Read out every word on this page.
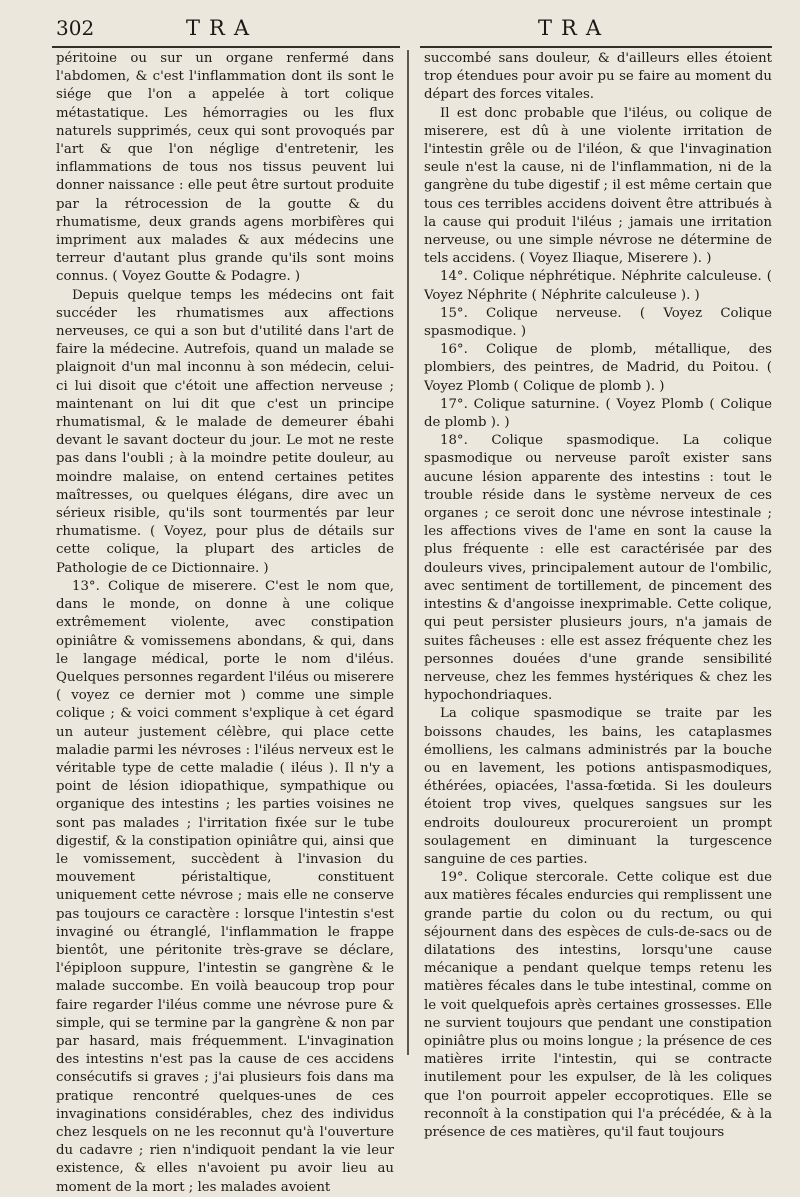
302	TRA	TRA

péritoine ou sur un organe renfermé dans l'abdomen, & c'est l'inflammation dont ils sont le siége que l'on a appelée à tort colique métastatique. Les hémorragies ou les flux naturels supprimés, ceux qui sont provoqués par l'art & que l'on néglige d'entretenir, les inflammations de tous nos tissus peuvent lui donner naissance : elle peut être surtout produite par la rétrocession de la goutte & du rhumatisme, deux grands agens morbifères qui impriment aux malades & aux médecins une terreur d'autant plus grande qu'ils sont moins connus. ( Voyez Goutte & Podagre. )

Depuis quelque temps les médecins ont fait succéder les rhumatismes aux affections nerveuses, ce qui a son but d'utilité dans l'art de faire la médecine. Autrefois, quand un malade se plaignoit d'un mal inconnu à son médecin, celui-ci lui disoit que c'étoit une affection nerveuse ; maintenant on lui dit que c'est un principe rhumatismal, & le malade de demeurer ébahi devant le savant docteur du jour. Le mot ne reste pas dans l'oubli ; à la moindre petite douleur, au moindre malaise, on entend certaines petites maîtresses, ou quelques élégans, dire avec un sérieux risible, qu'ils sont tourmentés par leur rhumatisme. ( Voyez, pour plus de détails sur cette colique, la plupart des articles de Pathologie de ce Dictionnaire. )

13°. Colique de miserere. C'est le nom que, dans le monde, on donne à une colique extrêmement violente, avec constipation opiniâtre & vomissemens abondans, & qui, dans le langage médical, porte le nom d'iléus. Quelques personnes regardent l'iléus ou miserere ( voyez ce dernier mot ) comme une simple colique ; & voici comment s'explique à cet égard un auteur justement célèbre, qui place cette maladie parmi les névroses : l'iléus nerveux est le véritable type de cette maladie ( iléus ). Il n'y a point de lésion idiopathique, sympathique ou organique des intestins ; les parties voisines ne sont pas malades ; l'irritation fixée sur le tube digestif, & la constipation opiniâtre qui, ainsi que le vomissement, succèdent à l'invasion du mouvement péristaltique, constituent uniquement cette névrose ; mais elle ne conserve pas toujours ce caractère : lorsque l'intestin s'est invaginé ou étranglé, l'inflammation le frappe bientôt, une péritonite très-grave se déclare, l'épiploon suppure, l'intestin se gangrène & le malade succombe. En voilà beaucoup trop pour faire regarder l'iléus comme une névrose pure & simple, qui se termine par la gangrène & non par par hasard, mais fréquemment. L'invagination des intestins n'est pas la cause de ces accidens consécutifs si graves ; j'ai plusieurs fois dans ma pratique rencontré quelques-unes de ces invaginations considérables, chez des individus chez lesquels on ne les reconnut qu'à l'ouverture du cadavre ; rien n'indiquoit pendant la vie leur existence, & elles n'avoient pu avoir lieu au moment de la mort ; les malades avoient

succombé sans douleur, & d'ailleurs elles étoient trop étendues pour avoir pu se faire au moment du départ des forces vitales.

Il est donc probable que l'iléus, ou colique de miserere, est dû à une violente irritation de l'intestin grêle ou de l'iléon, & que l'invagination seule n'est la cause, ni de l'inflammation, ni de la gangrène du tube digestif ; il est même certain que tous ces terribles accidens doivent être attribués à la cause qui produit l'iléus ; jamais une irritation nerveuse, ou une simple névrose ne détermine de tels accidens. ( Voyez Iliaque, Miserere ). )

14°. Colique néphrétique. Néphrite calculeuse. ( Voyez Néphrite ( Néphrite calculeuse ). )

15°. Colique nerveuse. ( Voyez Colique spasmodique. )

16°. Colique de plomb, métallique, des plombiers, des peintres, de Madrid, du Poitou. ( Voyez Plomb ( Colique de plomb ). )

17°. Colique saturnine. ( Voyez Plomb ( Colique de plomb ). )

18°. Colique spasmodique. La colique spasmodique ou nerveuse paroît exister sans aucune lésion apparente des intestins : tout le trouble réside dans le système nerveux de ces organes ; ce seroit donc une névrose intestinale ; les affections vives de l'ame en sont la cause la plus fréquente : elle est caractérisée par des douleurs vives, principalement autour de l'ombilic, avec sentiment de tortillement, de pincement des intestins & d'angoisse inexprimable. Cette colique, qui peut persister plusieurs jours, n'a jamais de suites fâcheuses : elle est assez fréquente chez les personnes douées d'une grande sensibilité nerveuse, chez les femmes hystériques & chez les hypochondriaques.

La colique spasmodique se traite par les boissons chaudes, les bains, les cataplasmes émolliens, les calmans administrés par la bouche ou en lavement, les potions antispasmodiques, éthérées, opiacées, l'assa-fœtida. Si les douleurs étoient trop vives, quelques sangsues sur les endroits douloureux procureroient un prompt soulagement en diminuant la turgescence sanguine de ces parties.

19°. Colique stercorale. Cette colique est due aux matières fécales endurcies qui remplissent une grande partie du colon ou du rectum, ou qui séjournent dans des espèces de culs-de-sacs ou de dilatations des intestins, lorsqu'une cause mécanique a pendant quelque temps retenu les matières fécales dans le tube intestinal, comme on le voit quelquefois après certaines grossesses. Elle ne survient toujours que pendant une constipation opiniâtre plus ou moins longue ; la présence de ces matières irrite l'intestin, qui se contracte inutilement pour les expulser, de là les coliques que l'on pourroit appeler eccoprotiques. Elle se reconnoît à la constipation qui l'a précédée, & à la présence de ces matières, qu'il faut toujours
